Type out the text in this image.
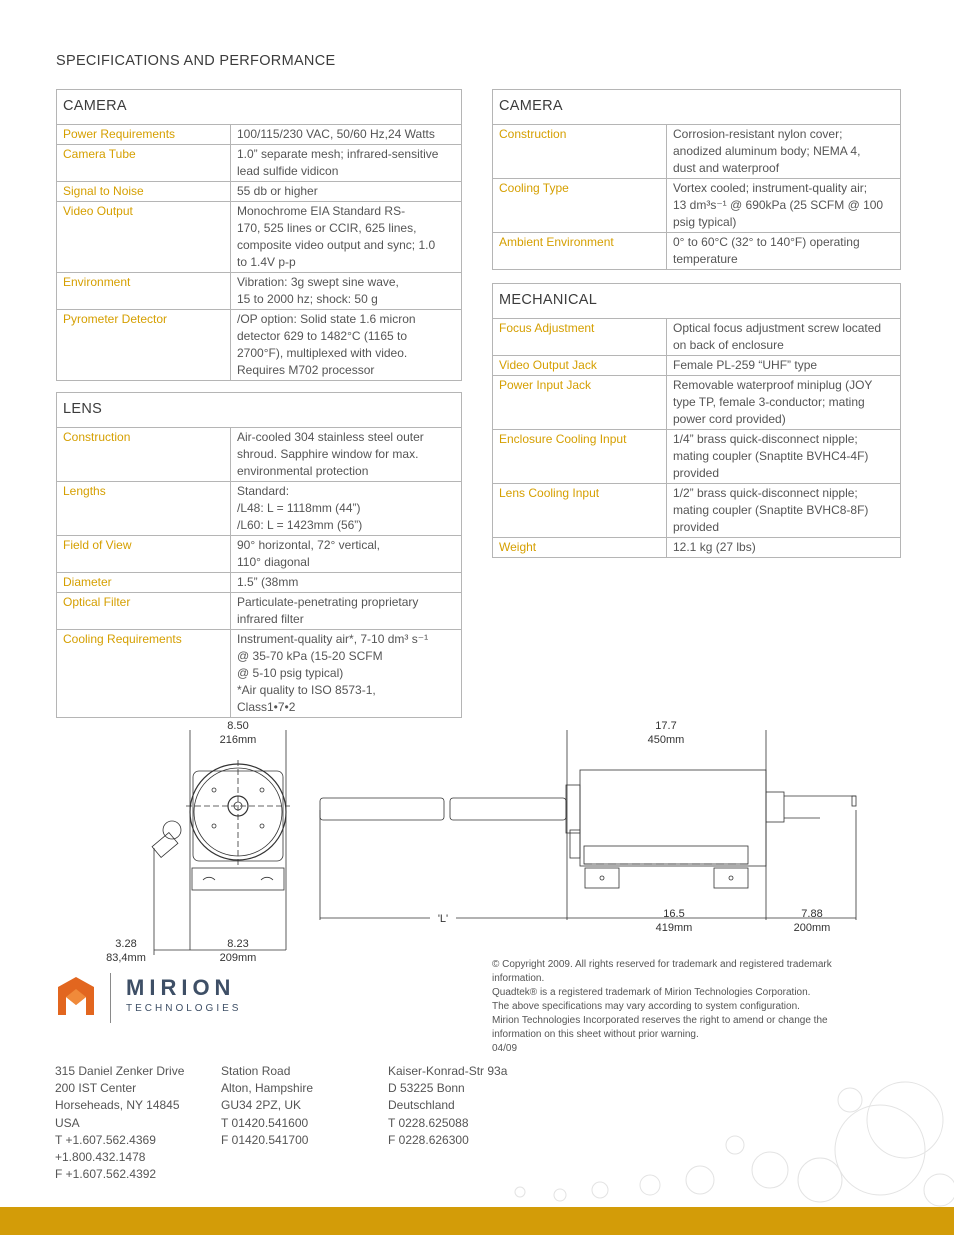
SPECIFICATIONS AND PERFORMANCE
CAMERA
Power Requirements	100/115/230 VAC, 50/60 Hz,24 Watts
Camera Tube	1.0” separate mesh; infrared-sensitive
lead sulfide vidicon
Signal to Noise	55 db or higher
Video Output	Monochrome EIA Standard RS-
170, 525 lines or CCIR, 625 lines,
composite video output and sync; 1.0
to 1.4V p-p
Environment	Vibration: 3g swept sine wave,
15 to 2000 hz; shock: 50 g
Pyrometer Detector	/OP option: Solid state 1.6 micron
detector 629 to 1482°C (1165 to
2700°F), multiplexed with video.
Requires M702 processor
LENS
Construction	Air-cooled 304 stainless steel outer
shroud. Sapphire window for max.
environmental protection
Lengths	Standard:
/L48: L = 1118mm (44”)
/L60: L = 1423mm (56”)
Field of View	90° horizontal, 72° vertical,
110° diagonal
Diameter	1.5” (38mm
Optical Filter	Particulate-penetrating proprietary
infrared filter
Cooling Requirements	Instrument-quality air*, 7-10 dm³ s⁻¹
@ 35-70 kPa (15-20 SCFM
@ 5-10 psig typical)
*Air quality to ISO 8573-1,
Class1•7•2
CAMERA
Construction	Corrosion-resistant nylon cover;
anodized aluminum body; NEMA 4,
dust and waterproof
Cooling Type	Vortex cooled; instrument-quality air;
13 dm³s⁻¹ @ 690kPa (25 SCFM @ 100
psig typical)
Ambient Environment	0° to 60°C (32° to 140°F) operating
temperature
MECHANICAL
Focus Adjustment	Optical focus adjustment screw located
on back of enclosure
Video Output Jack	Female PL-259 “UHF” type
Power Input Jack	Removable waterproof miniplug (JOY
type TP, female 3-conductor; mating
power cord provided)
Enclosure Cooling Input	1/4” brass quick-disconnect nipple;
mating coupler (Snaptite BVHC4-4F)
provided
Lens Cooling Input	1/2” brass quick-disconnect nipple;
mating coupler (Snaptite BVHC8-8F)
provided
Weight	12.1 kg (27 lbs)
8.50
216mm
17.7
450mm
'L'	16.5
419mm
7.88
200mm
3.28
83,4mm
8.23
209mm
MIRION
TECHNOLOGIES
© Copyright 2009. All rights reserved for trademark and registered trademark
information.
Quadtek® is a registered trademark of Mirion Technologies Corporation.
The above specifications may vary according to system configuration.
Mirion Technologies Incorporated reserves the right to amend or change the
information on this sheet without prior warning.
04/09
315 Daniel Zenker Drive
200 IST Center
Horseheads, NY 14845
USA
T +1.607.562.4369
+1.800.432.1478
F +1.607.562.4392
Station Road
Alton, Hampshire
GU34 2PZ, UK
T 01420.541600
F 01420.541700
Kaiser-Konrad-Str 93a
D 53225 Bonn
Deutschland
T 0228.625088
F 0228.626300
